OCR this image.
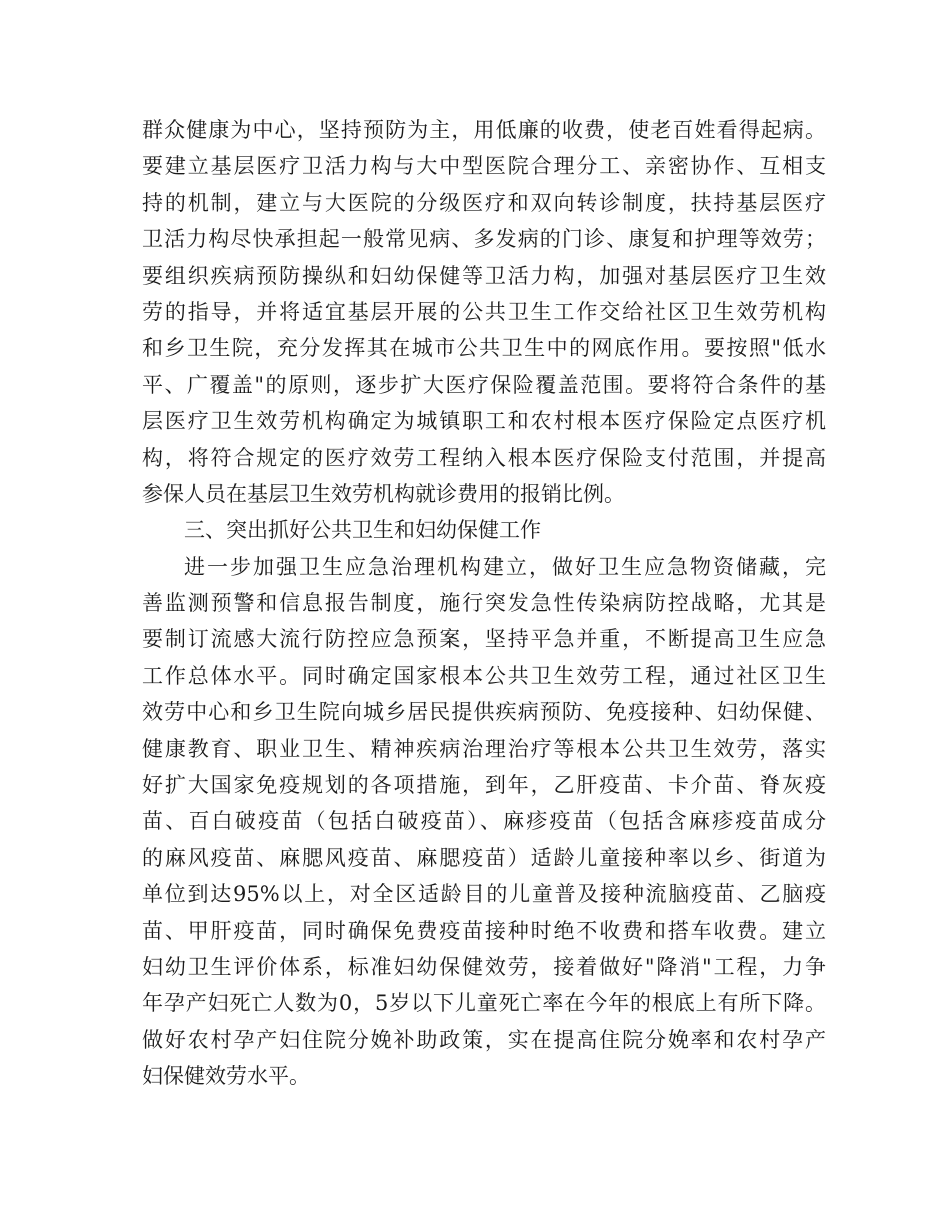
群众健康为中心，坚持预防为主，用低廉的收费，使老百姓看得起病。
要建立基层医疗卫活力构与大中型医院合理分工、亲密协作、互相支
持的机制，建立与大医院的分级医疗和双向转诊制度，扶持基层医疗
卫活力构尽快承担起一般常见病、多发病的门诊、康复和护理等效劳；
要组织疾病预防操纵和妇幼保健等卫活力构，加强对基层医疗卫生效
劳的指导，并将适宜基层开展的公共卫生工作交给社区卫生效劳机构
和乡卫生院，充分发挥其在城市公共卫生中的网底作用。要按照"低水
平、广覆盖"的原则，逐步扩大医疗保险覆盖范围。要将符合条件的基
层医疗卫生效劳机构确定为城镇职工和农村根本医疗保险定点医疗机
构，将符合规定的医疗效劳工程纳入根本医疗保险支付范围，并提高
参保人员在基层卫生效劳机构就诊费用的报销比例。
三、突出抓好公共卫生和妇幼保健工作
进一步加强卫生应急治理机构建立，做好卫生应急物资储藏，完
善监测预警和信息报告制度，施行突发急性传染病防控战略，尤其是
要制订流感大流行防控应急预案，坚持平急并重，不断提高卫生应急
工作总体水平。同时确定国家根本公共卫生效劳工程，通过社区卫生
效劳中心和乡卫生院向城乡居民提供疾病预防、免疫接种、妇幼保健、
健康教育、职业卫生、精神疾病治理治疗等根本公共卫生效劳，落实
好扩大国家免疫规划的各项措施，到年，乙肝疫苗、卡介苗、脊灰疫
苗、百白破疫苗（包括白破疫苗）、麻疹疫苗（包括含麻疹疫苗成分
的麻风疫苗、麻腮风疫苗、麻腮疫苗）适龄儿童接种率以乡、街道为
单位到达95%以上，对全区适龄目的儿童普及接种流脑疫苗、乙脑疫
苗、甲肝疫苗，同时确保免费疫苗接种时绝不收费和搭车收费。建立
妇幼卫生评价体系，标准妇幼保健效劳，接着做好"降消"工程，力争
年孕产妇死亡人数为0，5岁以下儿童死亡率在今年的根底上有所下降。
做好农村孕产妇住院分娩补助政策，实在提高住院分娩率和农村孕产
妇保健效劳水平。
